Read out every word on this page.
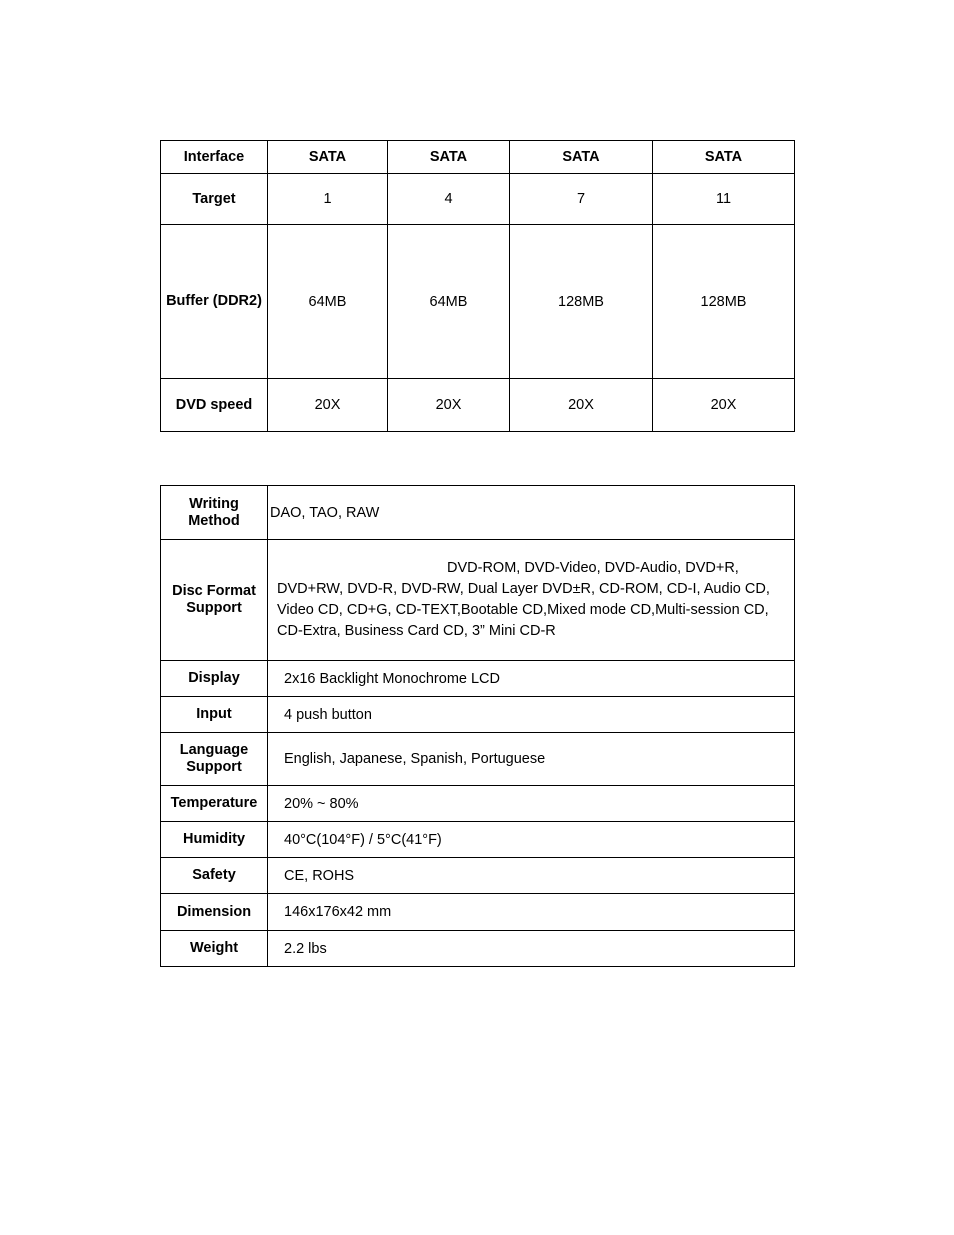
Interface	SATA	SATA	SATA	SATA
Target	1	4	7	11
Buffer (DDR2)	64MB	64MB	128MB	128MB
DVD speed	20X	20X	20X	20X
Writing
Method	DAO, TAO, RAW

Disc Format
Support	DVD-ROM, DVD-Video, DVD-Audio, DVD+R, DVD+RW, DVD-R, DVD-RW, Dual Layer DVD±R, CD-ROM, CD-I, Audio CD, Video CD, CD+G, CD-TEXT,Bootable CD,Mixed mode CD,Multi-session CD, CD-Extra, Business Card CD, 3” Mini CD-R

Display	2x16 Backlight Monochrome LCD
Input	4 push button

Language
Support	English, Japanese, Spanish, Portuguese
Temperature	20% ~ 80%
Humidity	40°C(104°F) / 5°C(41°F)
Safety	CE, ROHS
Dimension	146x176x42 mm
Weight	2.2 lbs
